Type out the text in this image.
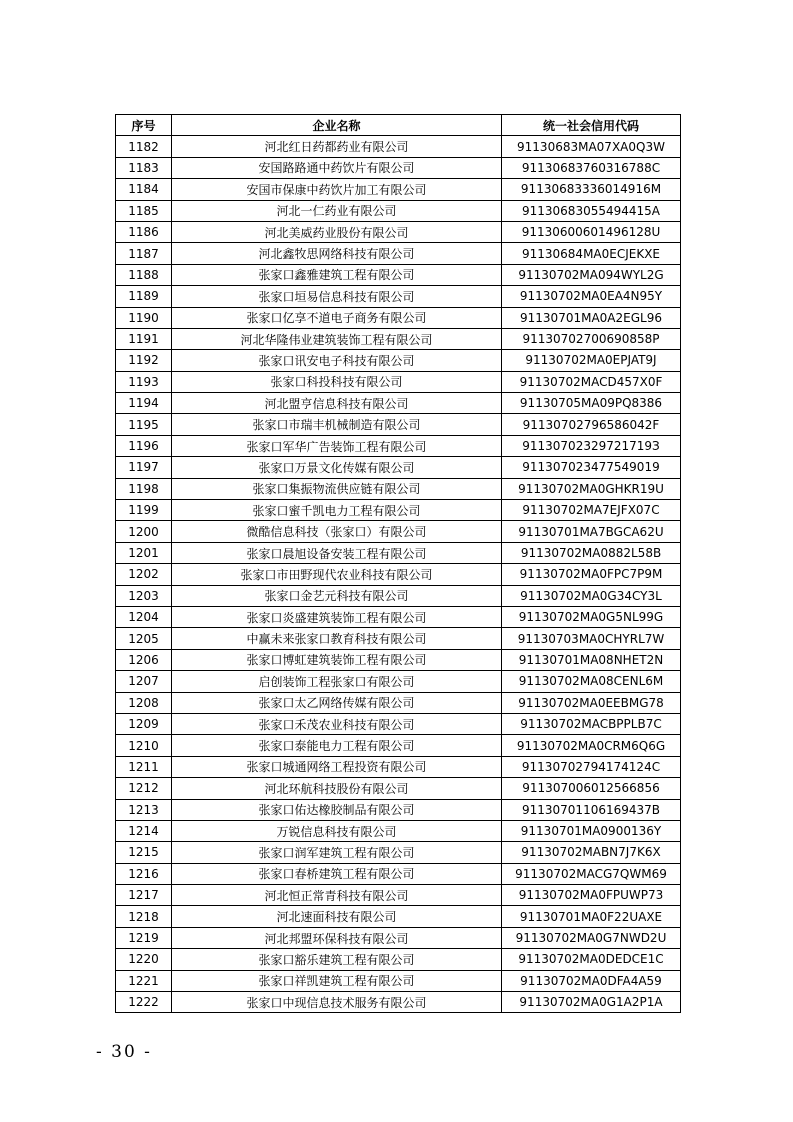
序号	企业名称	统一社会信用代码
1182	河北红日药都药业有限公司	91130683MA07XA0Q3W
1183	安国路路通中药饮片有限公司	91130683760316788C
1184	安国市保康中药饮片加工有限公司	91130683336014916M
1185	河北一仁药业有限公司	91130683055494415A
1186	河北美威药业股份有限公司	91130600601496128U
1187	河北鑫牧思网络科技有限公司	91130684MA0ECJEKXE
1188	张家口鑫雅建筑工程有限公司	91130702MA094WYL2G
1189	张家口垣易信息科技有限公司	91130702MA0EA4N95Y
1190	张家口亿享不道电子商务有限公司	91130701MA0A2EGL96
1191	河北华隆伟业建筑装饰工程有限公司	91130702700690858P
1192	张家口讯安电子科技有限公司	91130702MA0EPJAT9J
1193	张家口科投科技有限公司	91130702MACD457X0F
1194	河北盟亨信息科技有限公司	91130705MA09PQ8386
1195	张家口市瑞丰机械制造有限公司	91130702796586042F
1196	张家口军华广告装饰工程有限公司	91130702329721719З
1197	张家口万景文化传媒有限公司	911307023477549019
1198	张家口集振物流供应链有限公司	91130702MA0GHKR19U
1199	张家口蜜千凯电力工程有限公司	91130702MA7EJFX07C
1200	微酷信息科技（张家口）有限公司	91130701MA7BGCA62U
1201	张家口晨旭设备安装工程有限公司	91130702MA0882L58B
1202	张家口市田野现代农业科技有限公司	91130702MA0FPC7P9M
1203	张家口金艺元科技有限公司	91130702MA0G34CY3L
1204	张家口炎盛建筑装饰工程有限公司	91130702MA0G5NL99G
1205	中赢未来张家口教育科技有限公司	91130703MA0CHYRL7W
1206	张家口博虹建筑装饰工程有限公司	91130701MA08NHET2N
1207	启创装饰工程张家口有限公司	91130702MA08CENL6M
1208	张家口太乙网络传媒有限公司	91130702MA0EEBMG78
1209	张家口禾茂农业科技有限公司	91130702MACBPPLB7C
1210	张家口泰能电力工程有限公司	91130702MA0CRM6Q6G
1211	张家口城通网络工程投资有限公司	91130702794174124C
1212	河北环航科技股份有限公司	911307006012566856
1213	张家口佑达橡胶制品有限公司	91130701106169437B
1214	万锐信息科技有限公司	91130701MA0900136Y
1215	张家口润军建筑工程有限公司	91130702MABN7J7K6X
1216	张家口春桥建筑工程有限公司	91130702MACG7QWM69
1217	河北恒正常青科技有限公司	91130702MA0FPUWP73
1218	河北速面科技有限公司	91130701MA0F22UAXE
1219	河北邦盟环保科技有限公司	91130702MA0G7NWD2U
1220	张家口豁乐建筑工程有限公司	91130702MA0DEDCE1C
1221	张家口祥凯建筑工程有限公司	91130702MA0DFA4A59
1222	张家口中现信息技术服务有限公司	91130702MA0G1A2P1A
- 30 -
